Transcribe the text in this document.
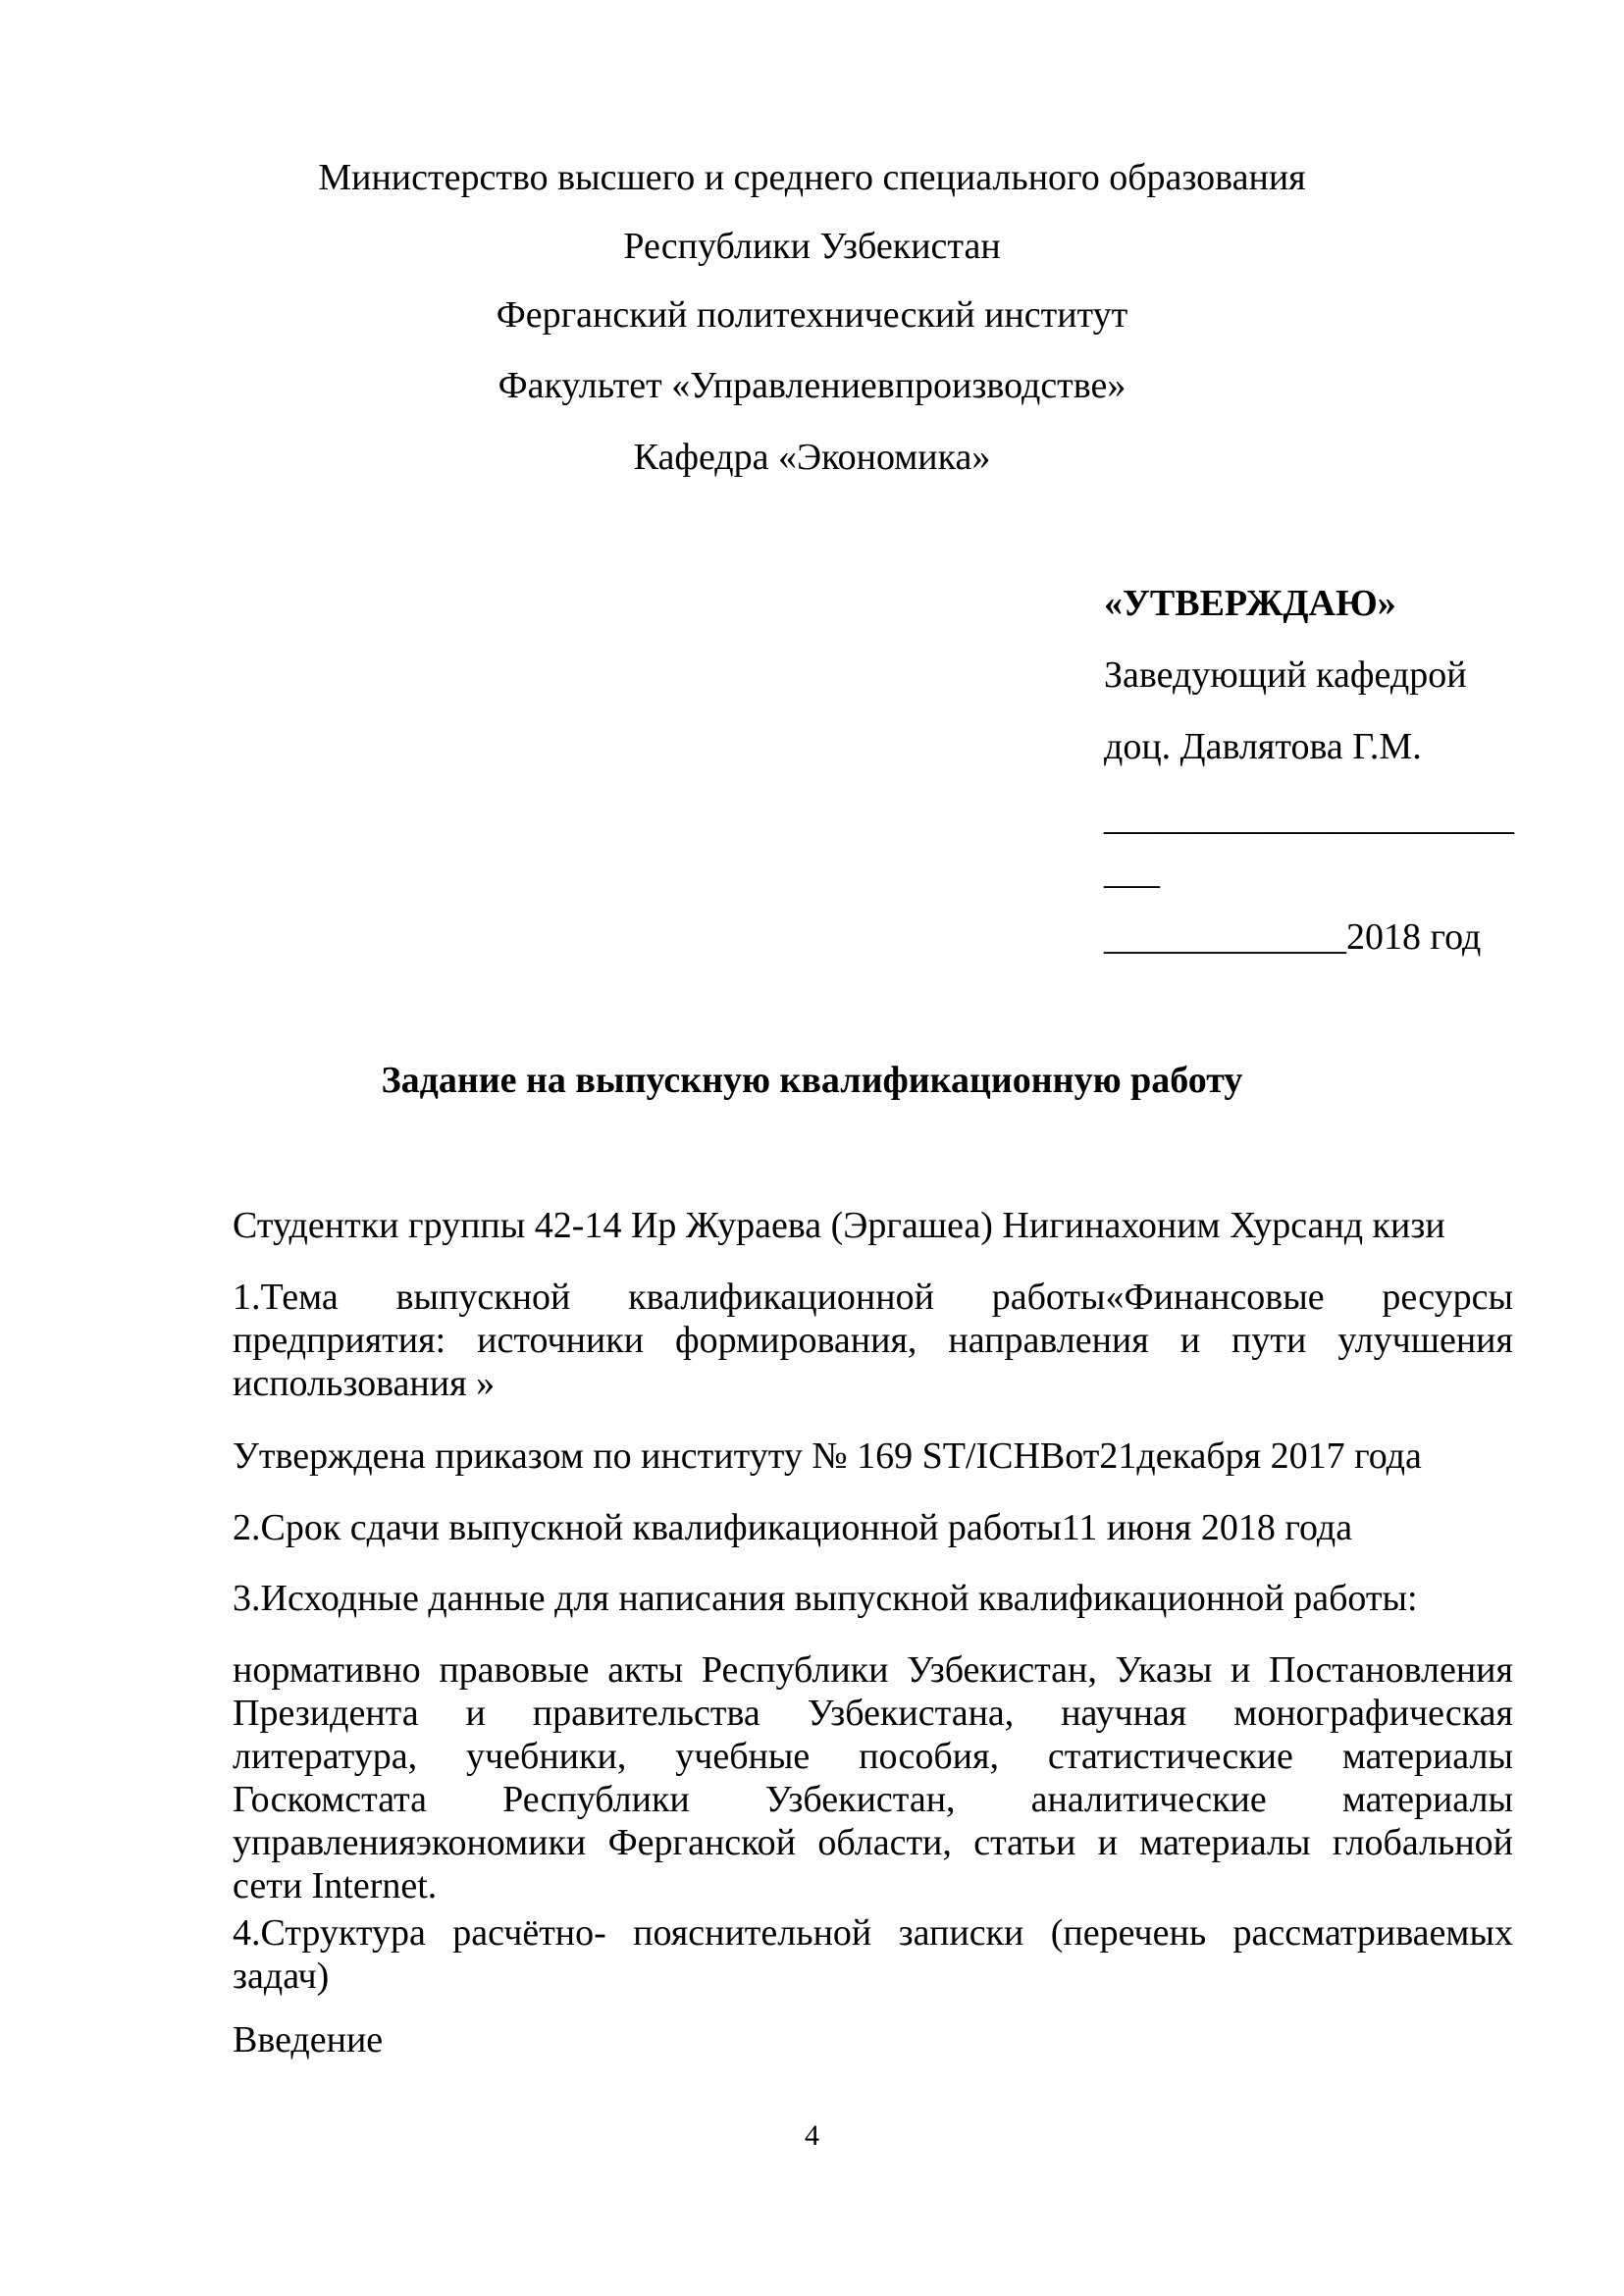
Министерство высшего и среднего специального образования
Республики Узбекистан
Ферганский политехнический институт
Факультет «Управлениевпроизводстве»
Кафедра «Экономика»
«УТВЕРЖДАЮ»
Заведующий кафедрой
доц. Давлятова Г.М.
______________________
___
_____________2018 год
Задание на выпускную квалификационную работу
Студентки группы 42-14 Ир Жураева (Эргашеа) Нигинахоним Хурсанд кизи
1.Тема выпускной квалификационной работы«Финансовые ресурсы
предприятия: источники формирования, направления и пути улучшения
использования »
Утверждена приказом по институту № 169 ST/ICHBот21декабря 2017 года
2.Срок сдачи выпускной квалификационной работы11 июня 2018 года
3.Исходные данные для написания выпускной квалификационной работы:
нормативно правовые акты Республики Узбекистан, Указы и Постановления
Президента и правительства Узбекистана, научная монографическая
литература, учебники, учебные пособия, статистические материалы
Госкомстата Республики Узбекистан, аналитические материалы
управленияэкономики Ферганской области, статьи и материалы глобальной
сети Internet.
4.Структура расчётно- пояснительной записки (перечень рассматриваемых
задач)
Введение
4
